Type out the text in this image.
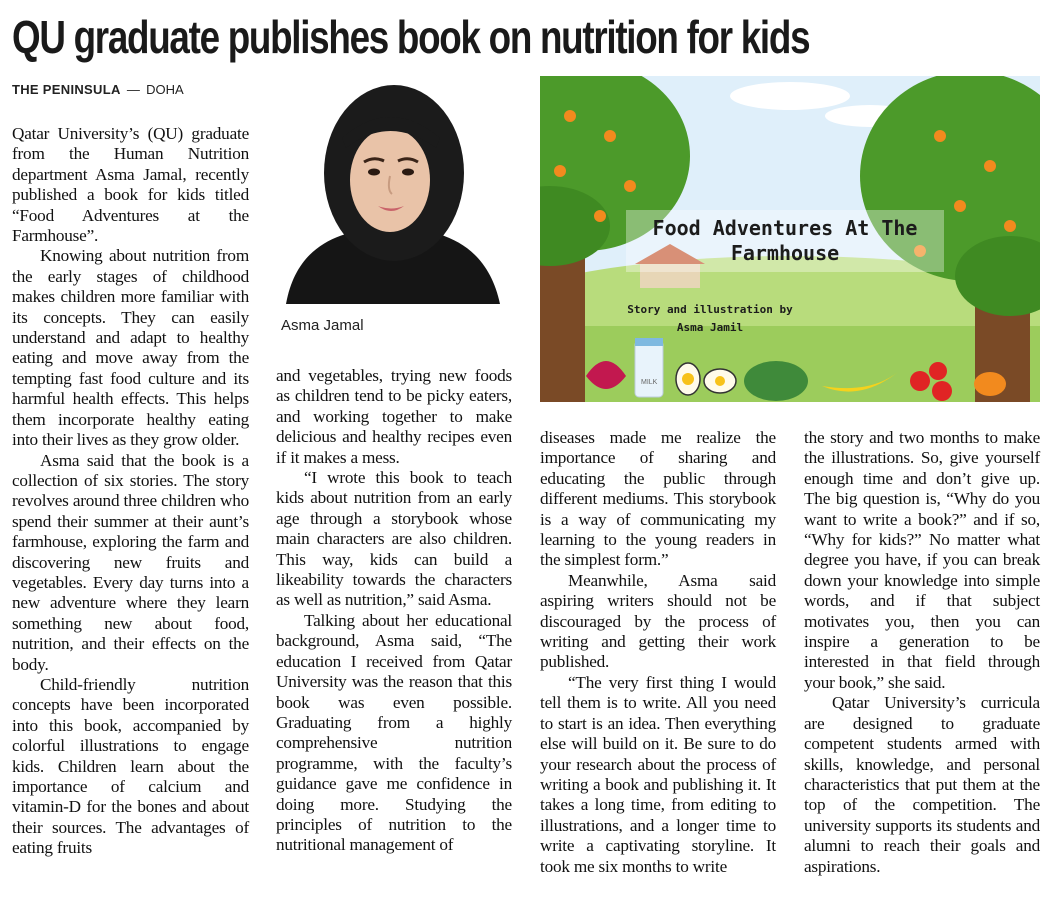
QU graduate publishes book on nutrition for kids
THE PENINSULA  —  DOHA
Asma Jamal
Food Adventures At The
Farmhouse
Story and illustration by
Asma Jamil
MILK

Qatar University’s (QU) graduate from the Human Nutrition department Asma Jamal, recently published a book for kids titled “Food Adventures at the Farmhouse”.

Knowing about nutrition from the early stages of childhood makes children more familiar with its concepts. They can easily understand and adapt to healthy eating and move away from the tempting fast food culture and its harmful health effects. This helps them incorporate healthy eating into their lives as they grow older.

Asma said that the book is a collection of six stories. The story revolves around three children who spend their summer at their aunt’s farmhouse, exploring the farm and discovering new fruits and vegetables. Every day turns into a new adventure where they learn something new about food, nutrition, and their effects on the body.

Child-friendly nutrition concepts have been incorporated into this book, accompanied by colorful illustrations to engage kids. Children learn about the importance of calcium and vitamin-D for the bones and about their sources. The advantages of eating fruits

and vegetables, trying new foods as children tend to be picky eaters, and working together to make delicious and healthy recipes even if it makes a mess.

“I wrote this book to teach kids about nutrition from an early age through a storybook whose main characters are also children. This way, kids can build a likeability towards the characters as well as nutrition,” said Asma.

Talking about her educational background, Asma said, “The education I received from Qatar University was the reason that this book was even possible. Graduating from a highly comprehensive nutrition programme, with the faculty’s guidance gave me confidence in doing more. Studying the principles of nutrition to the nutritional management of

diseases made me realize the importance of sharing and educating the public through different mediums. This storybook is a way of communicating my learning to the young readers in the simplest form.”

Meanwhile, Asma said aspiring writers should not be discouraged by the process of writing and getting their work published.

“The very first thing I would tell them is to write. All you need to start is an idea. Then everything else will build on it. Be sure to do your research about the process of writing a book and publishing it. It takes a long time, from editing to illustrations, and a longer time to write a captivating storyline. It took me six months to write

the story and two months to make the illustrations. So, give yourself enough time and don’t give up. The big question is, “Why do you want to write a book?” and if so, “Why for kids?” No matter what degree you have, if you can break down your knowledge into simple words, and if that subject motivates you, then you can inspire a generation to be interested in that field through your book,” she said.

Qatar University’s curricula are designed to graduate competent students armed with skills, knowledge, and personal characteristics that put them at the top of the competition. The university supports its students and alumni to reach their goals and aspirations.
